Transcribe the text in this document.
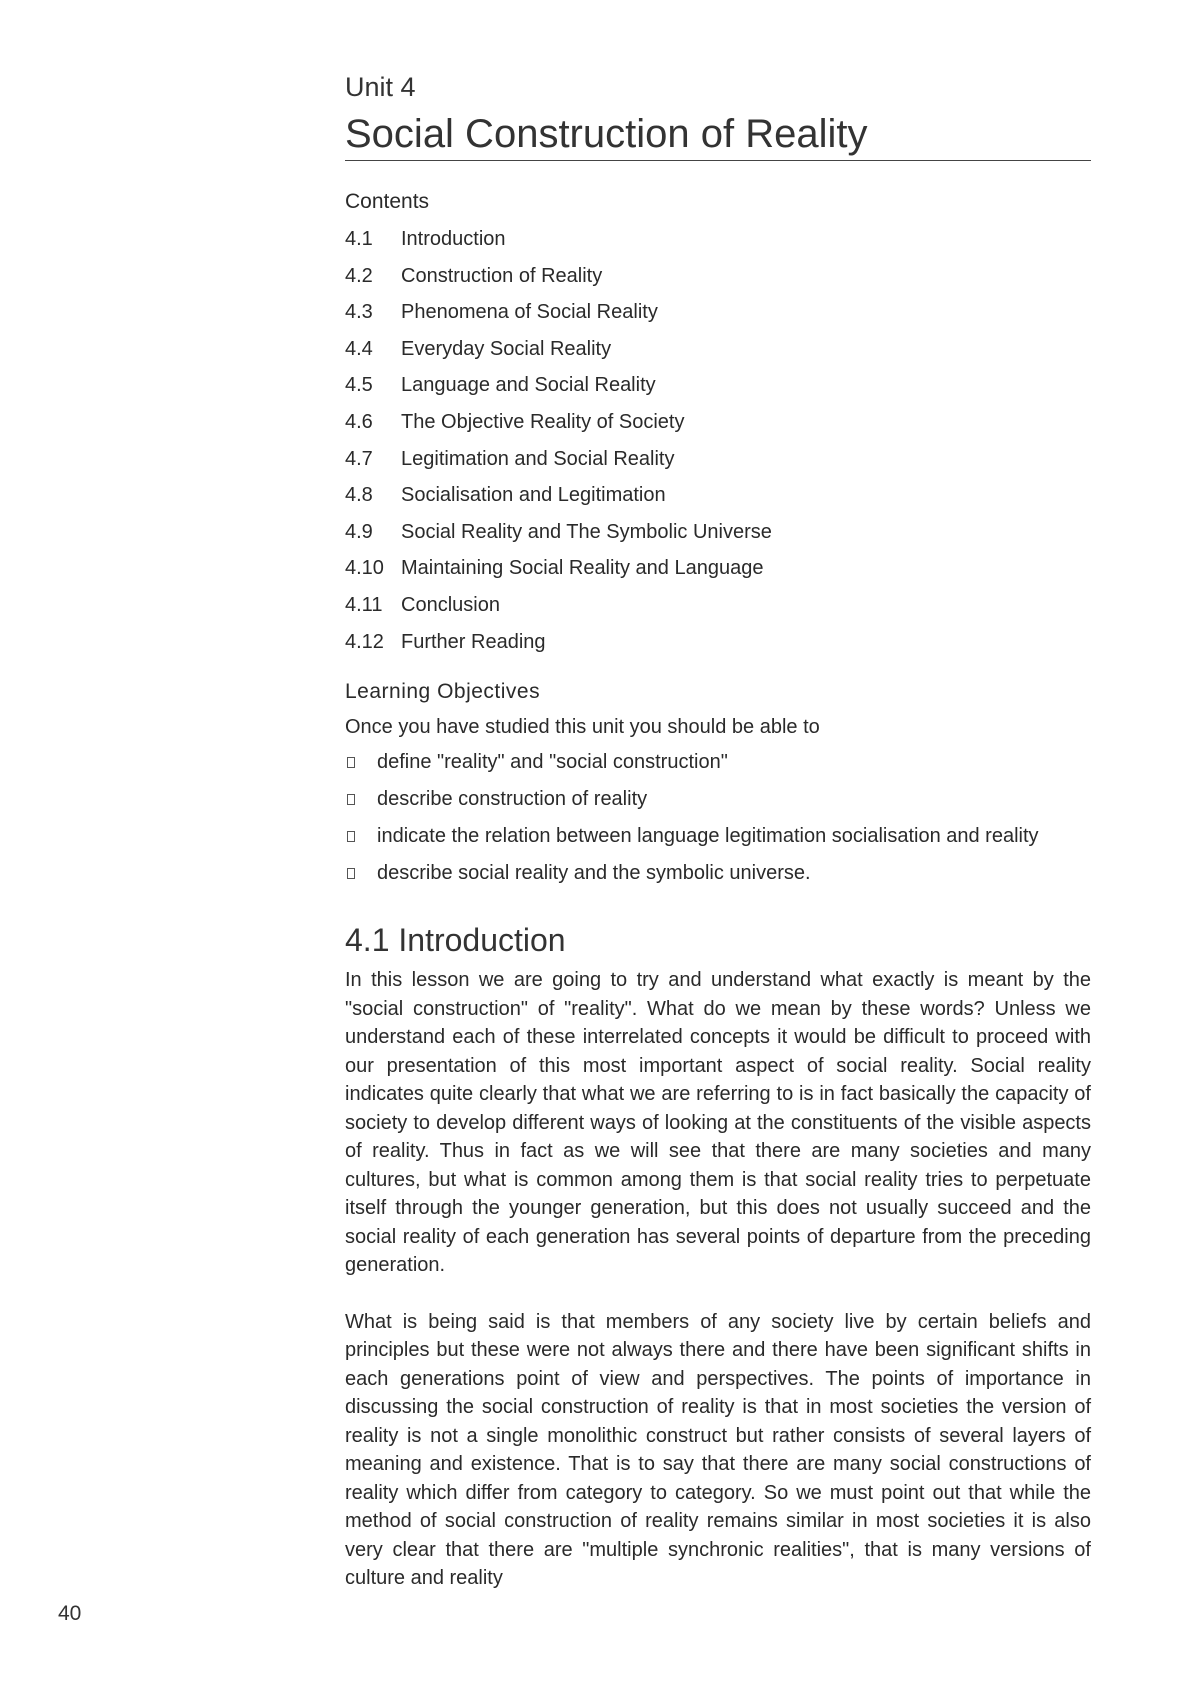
Unit 4

Social Construction of Reality
Contents
4.1	Introduction
4.2	Construction of Reality
4.3	Phenomena of Social Reality
4.4	Everyday Social Reality
4.5	Language and Social Reality
4.6	The Objective Reality of Society
4.7	Legitimation and Social Reality
4.8	Socialisation and Legitimation
4.9	Social Reality and The Symbolic Universe
4.10 Maintaining Social Reality and Language
4.11 Conclusion
4.12 Further Reading
Learning Objectives
Once you have studied this unit you should be able to
define "reality" and "social construction"
describe construction of reality
indicate the relation between language legitimation socialisation and reality
describe social reality and the symbolic universe.
4.1 Introduction

In this lesson we are going to try and understand what exactly is meant by the "social construction" of "reality". What do we mean by these words? Unless we understand each of these interrelated concepts it would be difficult to proceed with our presentation of this most important aspect of social reality. Social reality indicates quite clearly that what we are referring to is in fact basically the capacity of society to develop different ways of looking at the constituents of the visible aspects of reality. Thus in fact as we will see that there are many societies and many cultures, but what is common among them is that social reality tries to perpetuate itself through the younger generation, but this does not usually succeed and the social reality of each generation has several points of departure from the preceding generation.

What is being said is that members of any society live by certain beliefs and principles but these were not always there and there have been significant shifts in each generations point of view and perspectives. The points of importance in discussing the social construction of reality is that in most societies the version of reality is not a single monolithic construct but rather consists of several layers of meaning and existence. That is to say that there are many social constructions of reality which differ from category to category. So we must point out that while the method of social construction of reality remains similar in most societies it is also very clear that there are "multiple synchronic realities", that is many versions of culture and reality

40
